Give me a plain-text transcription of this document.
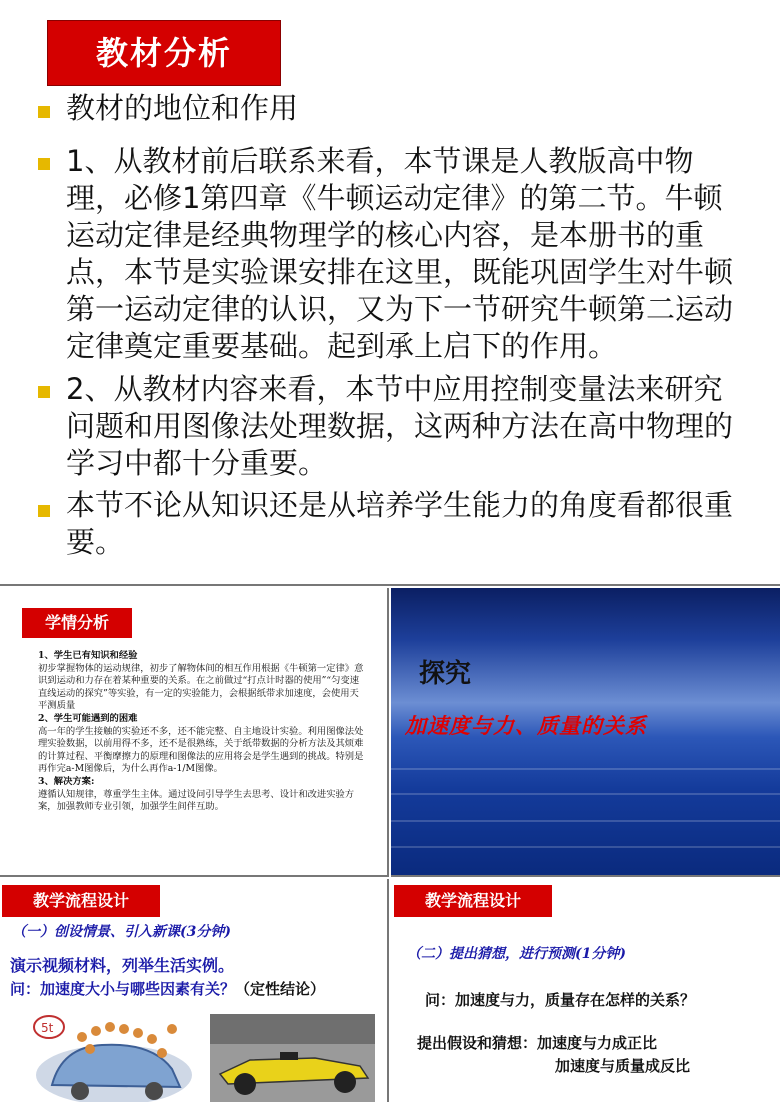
教材分析
教材的地位和作用
1、从教材前后联系来看，本节课是人教版高中物理，必修1第四章《牛顿运动定律》的第二节。牛顿运动定律是经典物理学的核心内容，是本册书的重点，本节是实验课安排在这里，既能巩固学生对牛顿第一运动定律的认识，又为下一节研究牛顿第二运动定律奠定重要基础。起到承上启下的作用。
2、从教材内容来看，本节中应用控制变量法来研究问题和用图像法处理数据，这两种方法在高中物理的学习中都十分重要。
本节不论从知识还是从培养学生能力的角度看都很重要。
学情分析
1、学生已有知识和经验
初步掌握物体的运动规律，初步了解物体间的相互作用根据《牛顿第一定律》意识到运动和力存在着某种重要的关系。在之前做过“打点计时器的使用”“匀变速直线运动的探究”等实验，有一定的实验能力，会根据纸带求加速度，会使用天平测质量
2、学生可能遇到的困难
高一年的学生接触的实验还不多，还不能完整、自主地设计实验。利用图像法处理实验数据，以前用得不多，还不是很熟练，关于纸带数据的分析方法及其烦难的计算过程、平衡摩擦力的原理和图像法的应用将会是学生遇到的挑战。特别是再作完a-M图像后，为什么再作a-1/M图像。
3、解决方案:
遵循认知规律，尊重学生主体。通过设问引导学生去思考、设计和改进实验方案，加强教师专业引领，加强学生间伴互助。
探究
加速度与力、质量的关系
教学流程设计
（一）创设情景、引入新课(3分钟)
演示视频材料，列举生活实例。
问：加速度大小与哪些因素有关？（定性结论）
5t
教学流程设计
（二）提出猜想，进行预测(1分钟)
问：加速度与力，质量存在怎样的关系？
提出假设和猜想：加速度与力成正比
加速度与质量成反比
